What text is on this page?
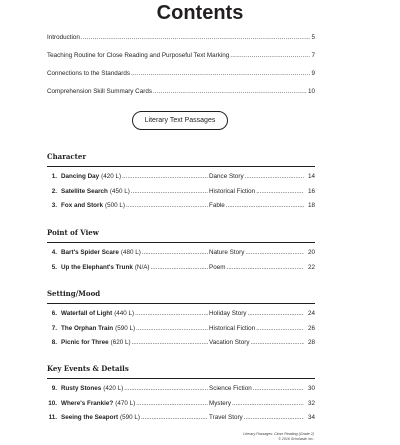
Contents
Introduction .....	5
Teaching Routine for Close Reading and Purposeful Text Marking .....	7
Connections to the Standards .....	9
Comprehension Skill Summary Cards .....	10
Literary Text Passages
Character
1. Dancing Day (420 L) .....	Dance Story .....	14
2. Satellite Search (450 L) .....	Historical Fiction .....	16
3. Fox and Stork (500 L) .....	Fable .....	18
Point of View
4. Bart's Spider Scare (480 L) .....	Nature Story .....	20
5. Up the Elephant's Trunk (N/A) .....	Poem .....	22
Setting/Mood
6. Waterfall of Light (440 L) .....	Holiday Story .....	24
7. The Orphan Train (590 L) .....	Historical Fiction .....	26
8. Picnic for Three (620 L) .....	Vacation Story .....	28
Key Events & Details
9. Rusty Stones (420 L) .....	Science Fiction .....	30
10. Where's Frankie? (470 L) .....	Mystery .....	32
11. Seeing the Seaport (590 L) .....	Travel Story .....	34
Literary Passages: Close Reading (Grade 2)
© 2016 Scholastic Inc.
